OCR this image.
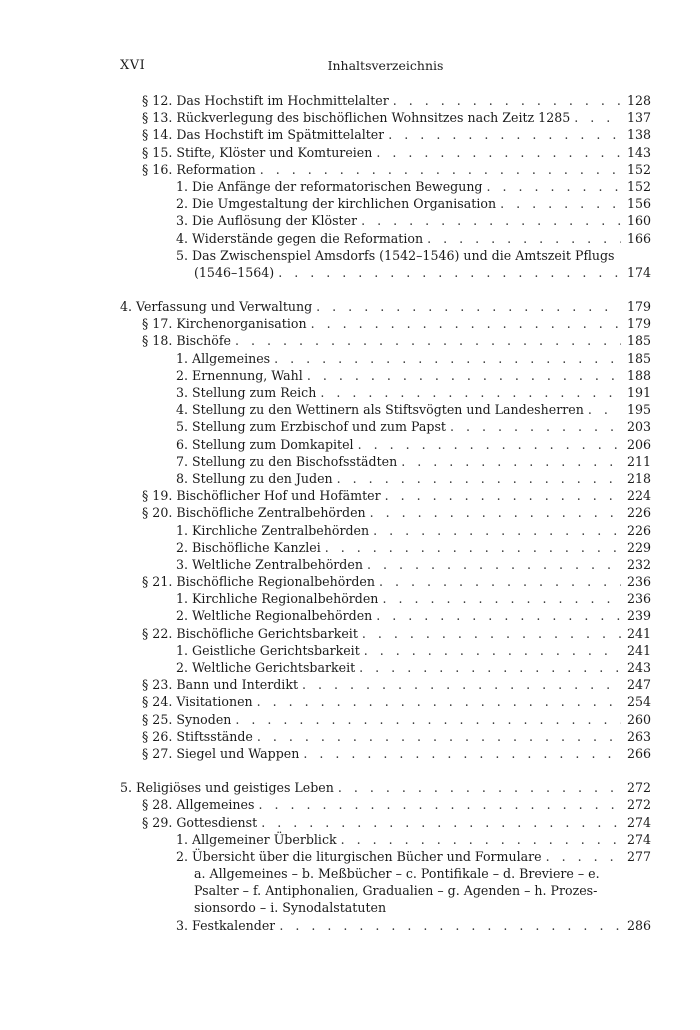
XVI	Inhaltsverzeichnis
§ 12. Das Hochstift im Hochmittelalter . . .	128
§ 13. Rückverlegung des bischöflichen Wohnsitzes nach Zeitz 1285 . . .	137
§ 14. Das Hochstift im Spätmittelalter . . .	138
§ 15. Stifte, Klöster und Komtureien . . .	143
§ 16. Reformation . . .	152
1. Die Anfänge der reformatorischen Bewegung . . .	152
2. Die Umgestaltung der kirchlichen Organisation . . .	156
3. Die Auflösung der Klöster . . .	160
4. Widerstände gegen die Reformation . . .	166
5. Das Zwischenspiel Amsdorfs (1542–1546) und die Amtszeit Pflugs
(1546–1564) . . .	174
4. Verfassung und Verwaltung . . .	179
§ 17. Kirchenorganisation . . .	179
§ 18. Bischöfe . . .	185
1. Allgemeines . . .	185
2. Ernennung, Wahl . . .	188
3. Stellung zum Reich . . .	191
4. Stellung zu den Wettinern als Stiftsvögten und Landesherren . . .	195
5. Stellung zum Erzbischof und zum Papst . . .	203
6. Stellung zum Domkapitel . . .	206
7. Stellung zu den Bischofsstädten . . .	211
8. Stellung zu den Juden . . .	218
§ 19. Bischöflicher Hof und Hofämter . . .	224
§ 20. Bischöfliche Zentralbehörden . . .	226
1. Kirchliche Zentralbehörden . . .	226
2. Bischöfliche Kanzlei . . .	229
3. Weltliche Zentralbehörden . . .	232
§ 21. Bischöfliche Regionalbehörden . . .	236
1. Kirchliche Regionalbehörden . . .	236
2. Weltliche Regionalbehörden . . .	239
§ 22. Bischöfliche Gerichtsbarkeit . . .	241
1. Geistliche Gerichtsbarkeit . . .	241
2. Weltliche Gerichtsbarkeit . . .	243
§ 23. Bann und Interdikt . . .	247
§ 24. Visitationen . . .	254
§ 25. Synoden . . .	260
§ 26. Stiftsstände . . .	263
§ 27. Siegel und Wappen . . .	266
5. Religiöses und geistiges Leben . . .	272
§ 28. Allgemeines . . .	272
§ 29. Gottesdienst . . .	274
1. Allgemeiner Überblick . . .	274
2. Übersicht über die liturgischen Bücher und Formulare . . .	277
a. Allgemeines – b. Meßbücher – c. Pontifikale – d. Breviere – e.
Psalter – f. Antiphonalien, Gradualien – g. Agenden – h. Prozes-
sionsordo – i. Synodalstatuten
3. Festkalender . . .	286
